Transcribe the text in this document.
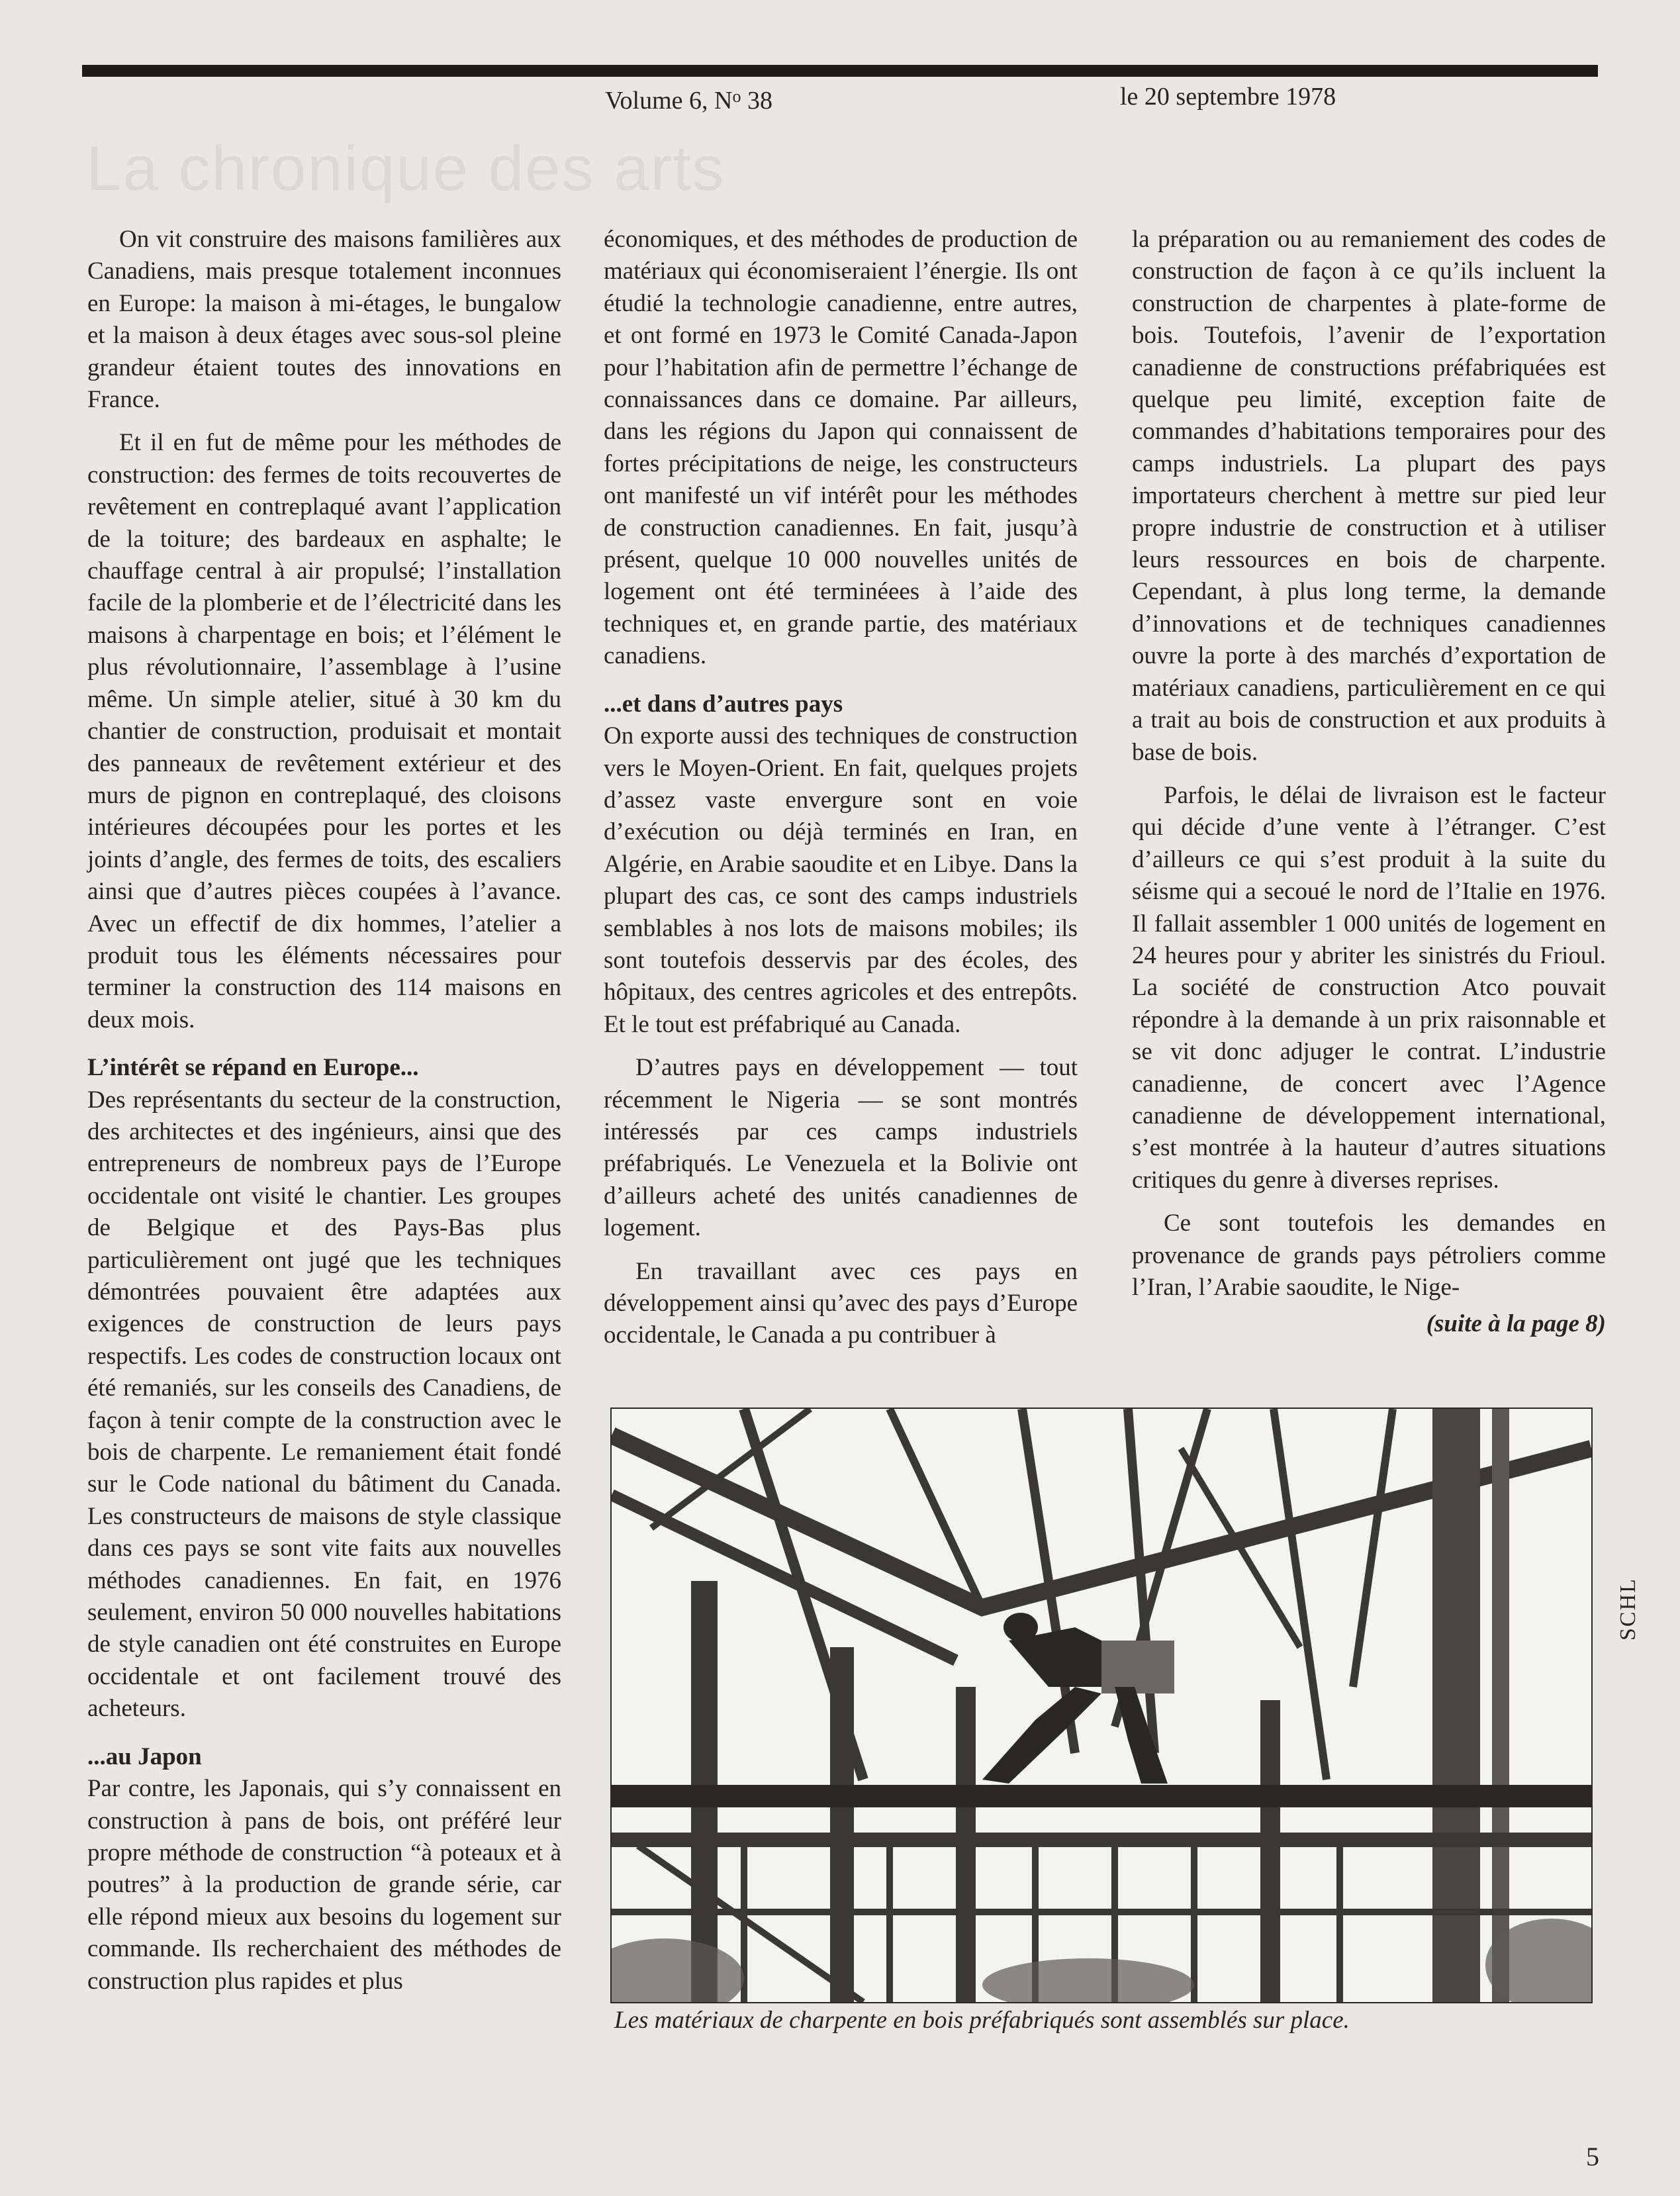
Volume 6, $N^o$ 38	le 20 septembre 1978
La chronique des arts

On vit construire des maisons familières aux Canadiens, mais presque totalement inconnues en Europe: la maison à mi-étages, le bungalow et la maison à deux étages avec sous-sol pleine grandeur étaient toutes des innovations en France.

Et il en fut de même pour les méthodes de construction: des fermes de toits recouvertes de revêtement en contreplaqué avant l’application de la toiture; des bardeaux en asphalte; le chauffage central à air propulsé; l’installation facile de la plomberie et de l’électricité dans les maisons à charpentage en bois; et l’élément le plus révolutionnaire, l’assemblage à l’usine même. Un simple atelier, situé à 30 km du chantier de construction, produisait et montait des panneaux de revêtement extérieur et des murs de pignon en contreplaqué, des cloisons intérieures découpées pour les portes et les joints d’angle, des fermes de toits, des escaliers ainsi que d’autres pièces coupées à l’avance. Avec un effectif de dix hommes, l’atelier a produit tous les éléments nécessaires pour terminer la construction des 114 maisons en deux mois.

L’intérêt se répand en Europe...

Des représentants du secteur de la construction, des architectes et des ingénieurs, ainsi que des entrepreneurs de nombreux pays de l’Europe occidentale ont visité le chantier. Les groupes de Belgique et des Pays-Bas plus particulièrement ont jugé que les techniques démontrées pouvaient être adaptées aux exigences de construction de leurs pays respectifs. Les codes de construction locaux ont été remaniés, sur les conseils des Canadiens, de façon à tenir compte de la construction avec le bois de charpente. Le remaniement était fondé sur le Code national du bâtiment du Canada. Les constructeurs de maisons de style classique dans ces pays se sont vite faits aux nouvelles méthodes canadiennes. En fait, en 1976 seulement, environ 50 000 nouvelles habitations de style canadien ont été construites en Europe occidentale et ont facilement trouvé des acheteurs.

...au Japon

Par contre, les Japonais, qui s’y connaissent en construction à pans de bois, ont préféré leur propre méthode de construction “à poteaux et à poutres” à la production de grande série, car elle répond mieux aux besoins du logement sur commande. Ils recherchaient des méthodes de construction plus rapides et plus

économiques, et des méthodes de production de matériaux qui économiseraient l’énergie. Ils ont étudié la technologie canadienne, entre autres, et ont formé en 1973 le Comité Canada-Japon pour l’habitation afin de permettre l’échange de connaissances dans ce domaine. Par ailleurs, dans les régions du Japon qui connaissent de fortes précipitations de neige, les constructeurs ont manifesté un vif intérêt pour les méthodes de construction canadiennes. En fait, jusqu’à présent, quelque 10 000 nouvelles unités de logement ont été terminéees à l’aide des techniques et, en grande partie, des matériaux canadiens.

...et dans d’autres pays

On exporte aussi des techniques de construction vers le Moyen-Orient. En fait, quelques projets d’assez vaste envergure sont en voie d’exécution ou déjà terminés en Iran, en Algérie, en Arabie saoudite et en Libye. Dans la plupart des cas, ce sont des camps industriels semblables à nos lots de maisons mobiles; ils sont toutefois desservis par des écoles, des hôpitaux, des centres agricoles et des entrepôts. Et le tout est préfabriqué au Canada.

D’autres pays en développement — tout récemment le Nigeria — se sont montrés intéressés par ces camps industriels préfabriqués. Le Venezuela et la Bolivie ont d’ailleurs acheté des unités canadiennes de logement.

En travaillant avec ces pays en développement ainsi qu’avec des pays d’Europe occidentale, le Canada a pu contribuer à

la préparation ou au remaniement des codes de construction de façon à ce qu’ils incluent la construction de charpentes à plate-forme de bois. Toutefois, l’avenir de l’exportation canadienne de constructions préfabriquées est quelque peu limité, exception faite de commandes d’habitations temporaires pour des camps industriels. La plupart des pays importateurs cherchent à mettre sur pied leur propre industrie de construction et à utiliser leurs ressources en bois de charpente. Cependant, à plus long terme, la demande d’innovations et de techniques canadiennes ouvre la porte à des marchés d’exportation de matériaux canadiens, particulièrement en ce qui a trait au bois de construction et aux produits à base de bois.

Parfois, le délai de livraison est le facteur qui décide d’une vente à l’étranger. C’est d’ailleurs ce qui s’est produit à la suite du séisme qui a secoué le nord de l’Italie en 1976. Il fallait assembler 1 000 unités de logement en 24 heures pour y abriter les sinistrés du Frioul. La société de construction Atco pouvait répondre à la demande à un prix raisonnable et se vit donc adjuger le contrat. L’industrie canadienne, de concert avec l’Agence canadienne de développement international, s’est montrée à la hauteur d’autres situations critiques du genre à diverses reprises.

Ce sont toutefois les demandes en provenance de grands pays pétroliers comme l’Iran, l’Arabie saoudite, le Nige-

(suite à la page 8)
SCHL
Les matériaux de charpente en bois préfabriqués sont assemblés sur place.
5
